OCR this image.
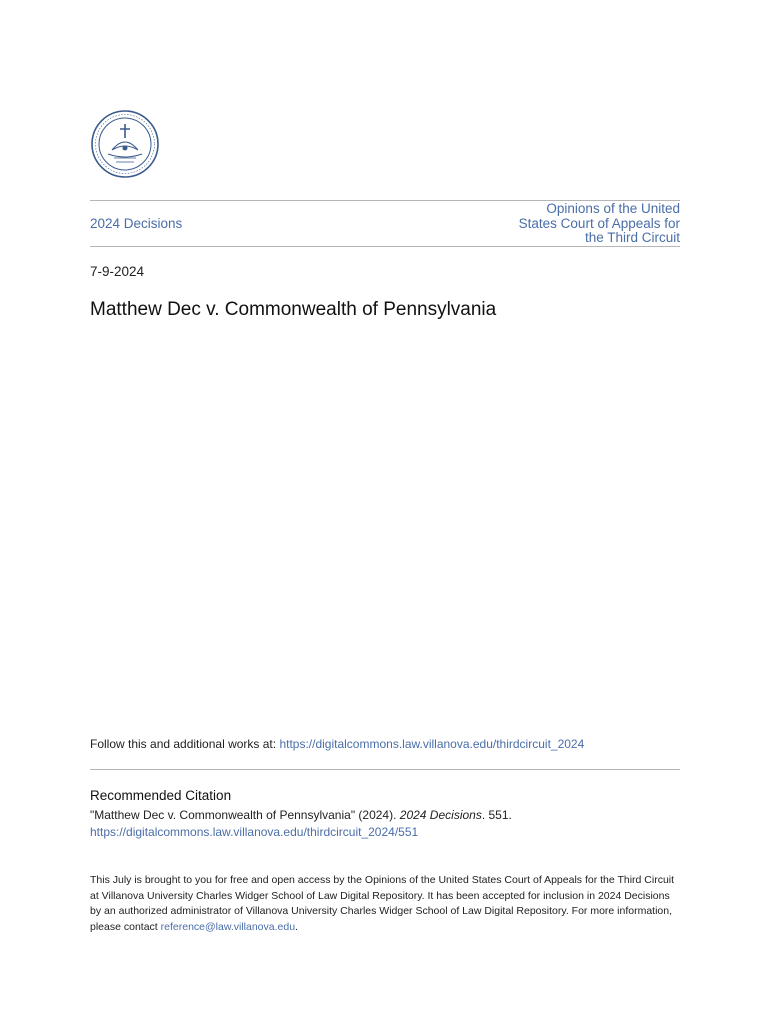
2024 Decisions
Opinions of the United States Court of Appeals for the Third Circuit
7-9-2024
Matthew Dec v. Commonwealth of Pennsylvania
Follow this and additional works at: https://digitalcommons.law.villanova.edu/thirdcircuit_2024
Recommended Citation
"Matthew Dec v. Commonwealth of Pennsylvania" (2024). 2024 Decisions. 551.
https://digitalcommons.law.villanova.edu/thirdcircuit_2024/551
This July is brought to you for free and open access by the Opinions of the United States Court of Appeals for the Third Circuit at Villanova University Charles Widger School of Law Digital Repository. It has been accepted for inclusion in 2024 Decisions by an authorized administrator of Villanova University Charles Widger School of Law Digital Repository. For more information, please contact reference@law.villanova.edu.
